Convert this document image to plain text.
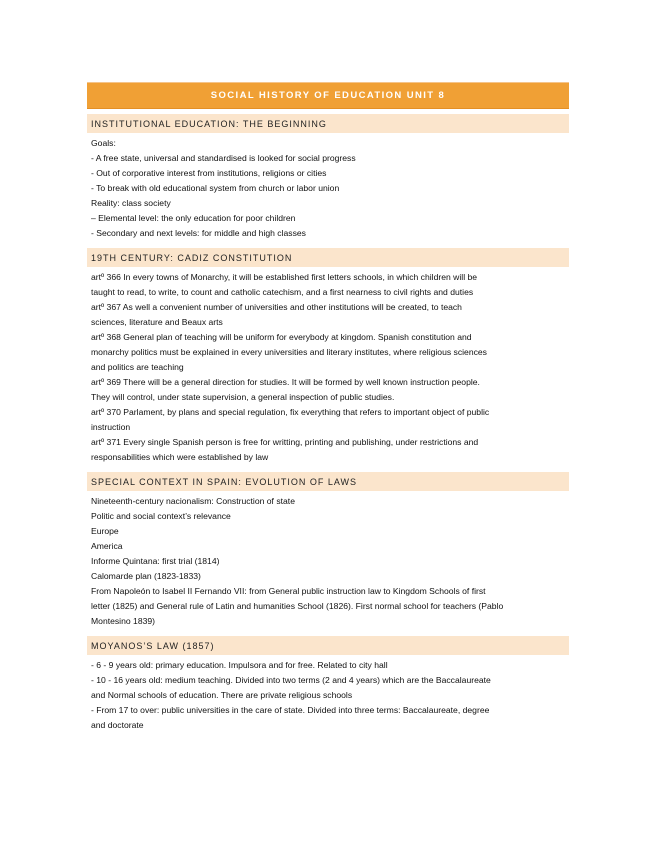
SOCIAL HISTORY OF EDUCATION UNIT 8
INSTITUTIONAL EDUCATION: THE BEGINNING

Goals:

- A free state, universal and standardised is looked for social progress

- Out of corporative interest from institutions, religions or cities

- To break with old educational system from church or labor union

Reality: class society

– Elemental level: the only education for poor children

- Secondary and next levels: for middle and high classes

19TH CENTURY: CADIZ CONSTITUTION

artº 366 In every towns of Monarchy, it will be established first letters schools, in which children will be

taught to read, to write, to count and catholic catechism, and a first nearness to civil rights and duties

artº 367 As well a convenient number of universities and other institutions will be created, to teach

sciences, literature and Beaux arts

artº 368 General plan of teaching will be uniform for everybody at kingdom. Spanish constitution and

monarchy politics must be explained in every universities and literary institutes, where religious sciences

and politics are teaching

artº 369 There will be a general direction for studies. It will be formed by well known instruction people.

They will control, under state supervision, a general inspection of public studies.

artº 370 Parlament, by plans and special regulation, fix everything that refers to important object of public

instruction

artº 371 Every single Spanish person is free for writting, printing and publishing, under restrictions and

responsabilities which were established by law

SPECIAL CONTEXT IN SPAIN: EVOLUTION OF LAWS

Nineteenth-century nacionalism: Construction of state

Politic and social context’s relevance

Europe

America

Informe Quintana: first trial (1814)

Calomarde plan (1823-1833)

From Napoleón to Isabel II Fernando VII: from General public instruction law to Kingdom Schools of first

letter (1825) and General rule of Latin and humanities School (1826). First normal school for teachers (Pablo

Montesino 1839)

MOYANOS’S LAW (1857)

- 6 - 9 years old: primary education. Impulsora and for free. Related to city hall

- 10 - 16 years old: medium teaching. Divided into two terms (2 and 4 years) which are the Baccalaureate

and Normal schools of education. There are private religious schools

- From 17 to over: public universities in the care of state. Divided into three terms: Baccalaureate, degree

and doctorate
